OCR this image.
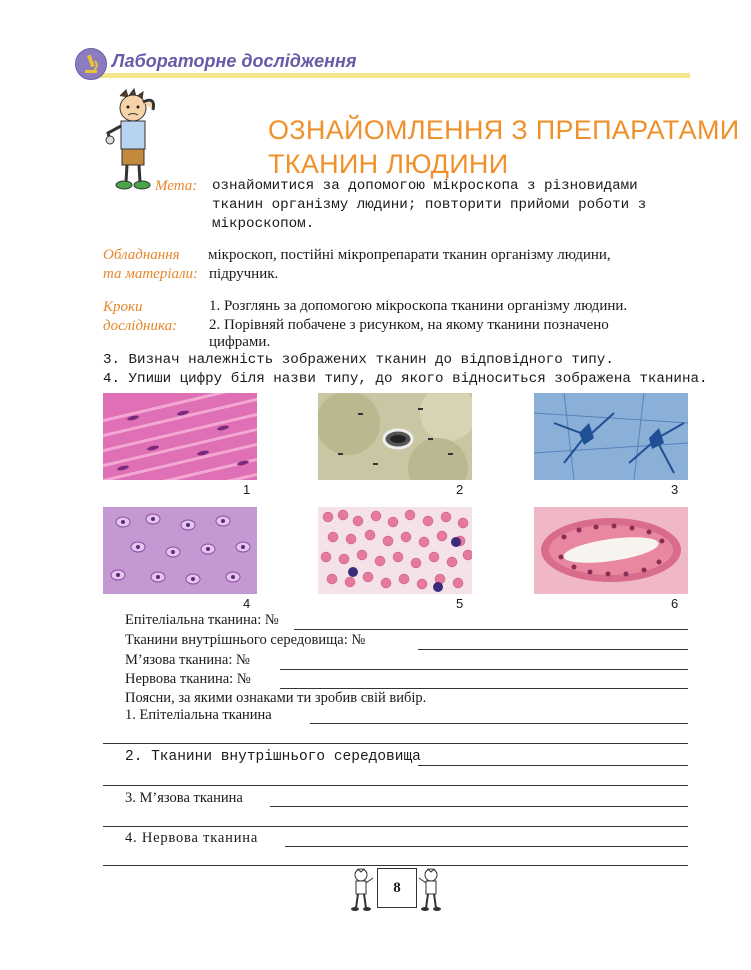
Лабораторне дослідження
ОЗНАЙОМЛЕННЯ З ПРЕПАРАТАМИ
ТКАНИН ЛЮДИНИ
Мета: ознайомитися за допомогою мікроскопа з різновидами
тканин організму людини; повторити прийоми роботи з
мікроскопом.
Обладнання
та матеріали:
мікроскоп, постійні мікропрепарати тканин організму людини,
підручник.
Кроки
дослідника:
1. Розглянь за допомогою мікроскопа тканини організму людини.
2. Порівняй побачене з рисунком, на якому тканини позначено
цифрами.
3. Визнач належність зображених тканин до відповідного типу.
4. Упиши цифру біля назви типу, до якого відноситься зображена тканина.
1	2	3
4	5	6
Епітеліальна тканина: №
Тканини внутрішнього середовища: №
М’язова тканина: №
Нервова тканина: №
Поясни, за якими ознаками ти зробив свій вибір.
1. Епітеліальна тканина
2. Тканини внутрішнього середовища
3. М’язова тканина
4. Нервова тканина
8
